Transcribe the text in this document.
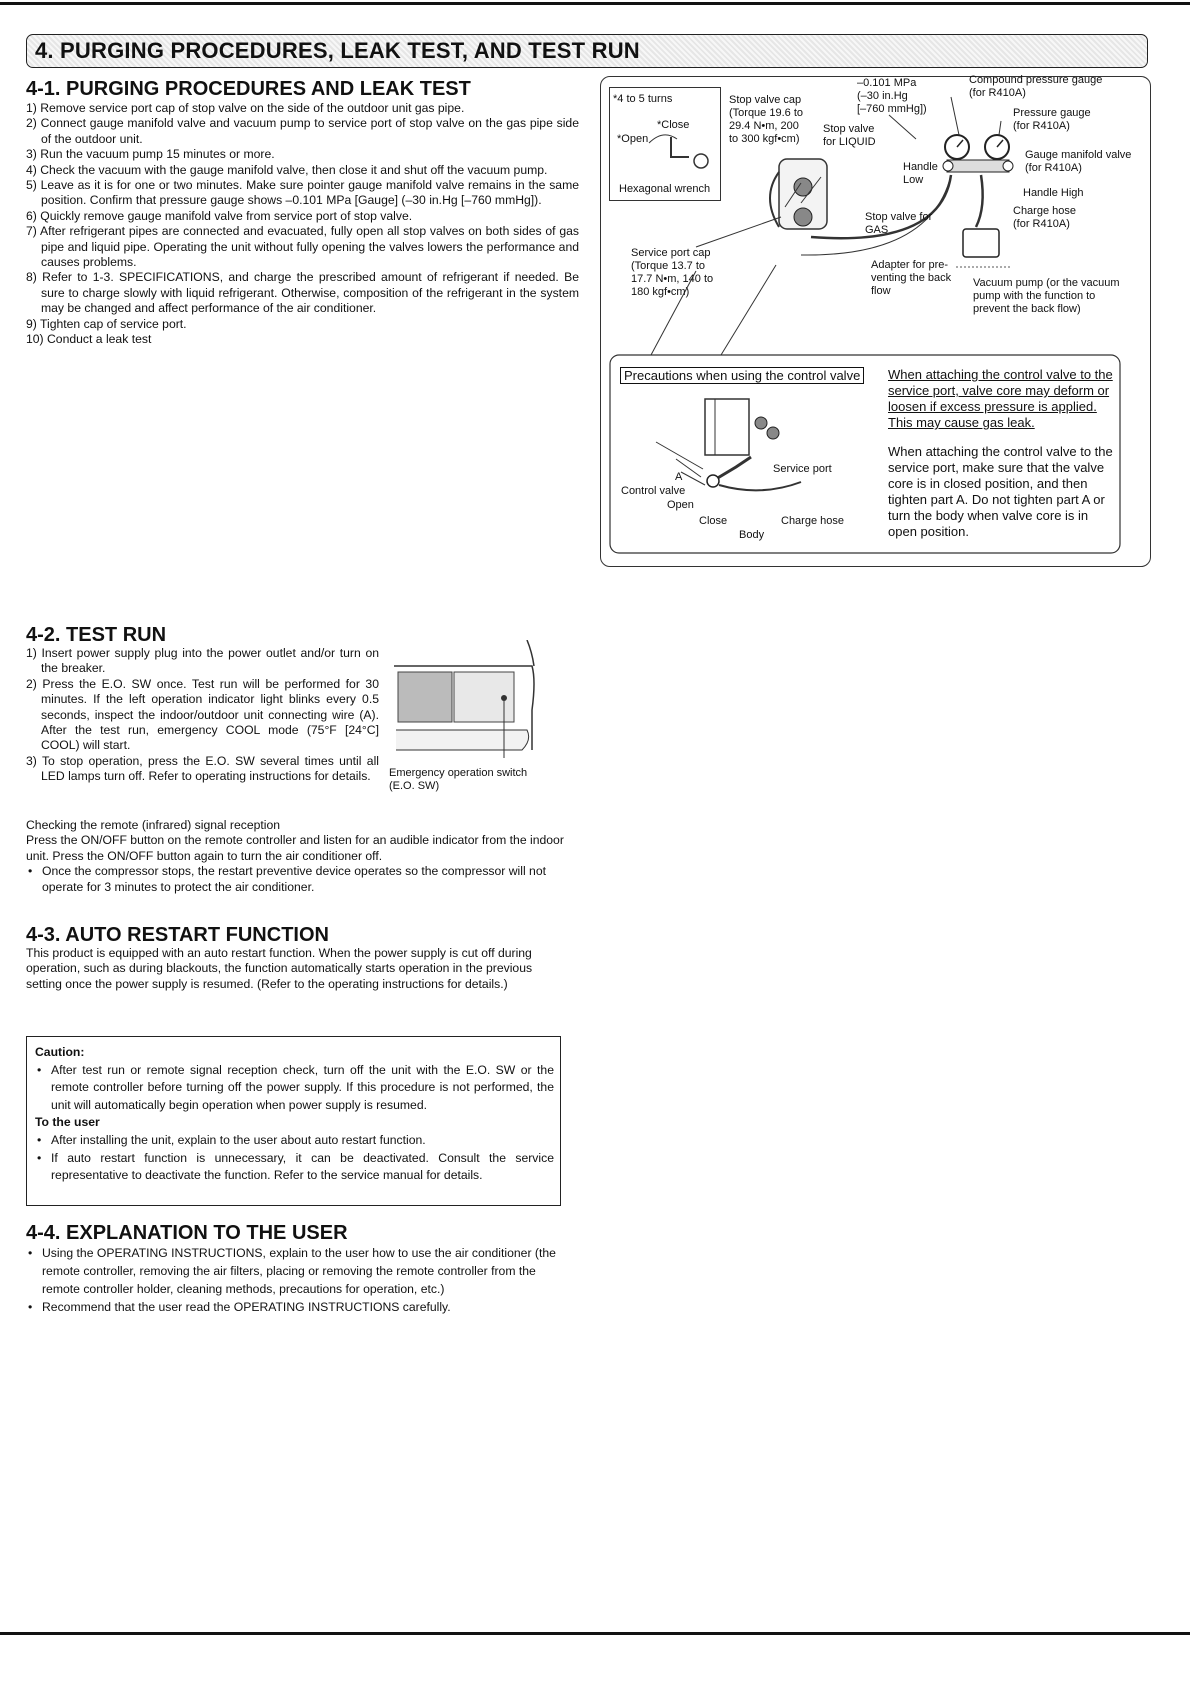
4. PURGING PROCEDURES, LEAK TEST, AND TEST RUN
4-1. PURGING PROCEDURES AND LEAK TEST
1) Remove service port cap of stop valve on the side of the outdoor unit gas pipe.
2) Connect gauge manifold valve and vacuum pump to service port of stop valve on the gas pipe side of the outdoor unit.
3) Run the vacuum pump 15 minutes or more.
4) Check the vacuum with the gauge manifold valve, then close it and shut off the vacuum pump.
5) Leave as it is for one or two minutes. Make sure pointer gauge manifold valve remains in the same position. Confirm that pressure gauge shows –0.101 MPa [Gauge] (–30 in.Hg [–760 mmHg]).
6) Quickly remove gauge manifold valve from service port of stop valve.
7) After refrigerant pipes are connected and evacuated, fully open all stop valves on both sides of gas pipe and liquid pipe. Operating the unit without fully opening the valves lowers the performance and causes problems.
8) Refer to 1-3. SPECIFICATIONS, and charge the prescribed amount of refrigerant if needed. Be sure to charge slowly with liquid refrigerant. Otherwise, composition of the refrigerant in the system may be changed and affect performance of the air conditioner.
9) Tighten cap of service port.
10) Conduct a leak test
*4 to 5 turns
*Close
*Open
Hexagonal wrench
Stop valve cap
(Torque 19.6 to
29.4 N•m, 200
to 300 kgf•cm)
Stop valve
for LIQUID
–0.101 MPa
(–30 in.Hg
[–760 mmHg])
Compound pressure gauge
(for R410A)
Pressure gauge
(for R410A)
Gauge manifold valve
(for R410A)
Handle
Low
Handle High
Charge hose
(for R410A)
Stop valve for
GAS
Service port cap
(Torque 13.7 to
17.7 N•m, 140 to
180 kgf•cm)
Adapter for pre-
venting the back
flow
Vacuum pump (or the vacuum
pump with the function to
prevent the back flow)
Precautions when using the control valve	When attaching the control valve to the service port, valve core may deform or loosen if excess pressure is applied. This may cause gas leak.
When attaching the control valve to the service port, make sure that the valve core is in closed position, and then tighten part A. Do not tighten part A or turn the body when valve core is in open position.
Service port
A
Control valve
Open
Close	Charge hose
Body
4-2. TEST RUN
1) Insert power supply plug into the power outlet and/or turn on the breaker.
2) Press the E.O. SW once. Test run will be performed for 30 minutes. If the left operation indicator light blinks every 0.5 seconds, inspect the indoor/outdoor unit connecting wire (A). After the test run, emergency COOL mode (75°F [24°C] COOL) will start.
3) To stop operation, press the E.O. SW several times until all LED lamps turn off. Refer to operating instructions for details.	Emergency operation switch
(E.O. SW)
Checking the remote (infrared) signal reception
Press the ON/OFF button on the remote controller and listen for an audible indicator from the indoor unit. Press the ON/OFF button again to turn the air conditioner off.
• Once the compressor stops, the restart preventive device operates so the compressor will not operate for 3 minutes to protect the air conditioner.
4-3. AUTO RESTART FUNCTION
This product is equipped with an auto restart function. When the power supply is cut off during operation, such as during blackouts, the function automatically starts operation in the previous setting once the power supply is resumed. (Refer to the operating instructions for details.)
Caution:
• After test run or remote signal reception check, turn off the unit with the E.O. SW or the remote controller before turning off the power supply. If this procedure is not performed, the unit will automatically begin operation when power supply is resumed.
To the user
• After installing the unit, explain to the user about auto restart function.
• If auto restart function is unnecessary, it can be deactivated. Consult the service representative to deactivate the function. Refer to the service manual for details.
4-4. EXPLANATION TO THE USER
• Using the OPERATING INSTRUCTIONS, explain to the user how to use the air conditioner (the remote controller, removing the air filters, placing or removing the remote controller from the remote controller holder, cleaning methods, precautions for operation, etc.)
• Recommend that the user read the OPERATING INSTRUCTIONS carefully.
